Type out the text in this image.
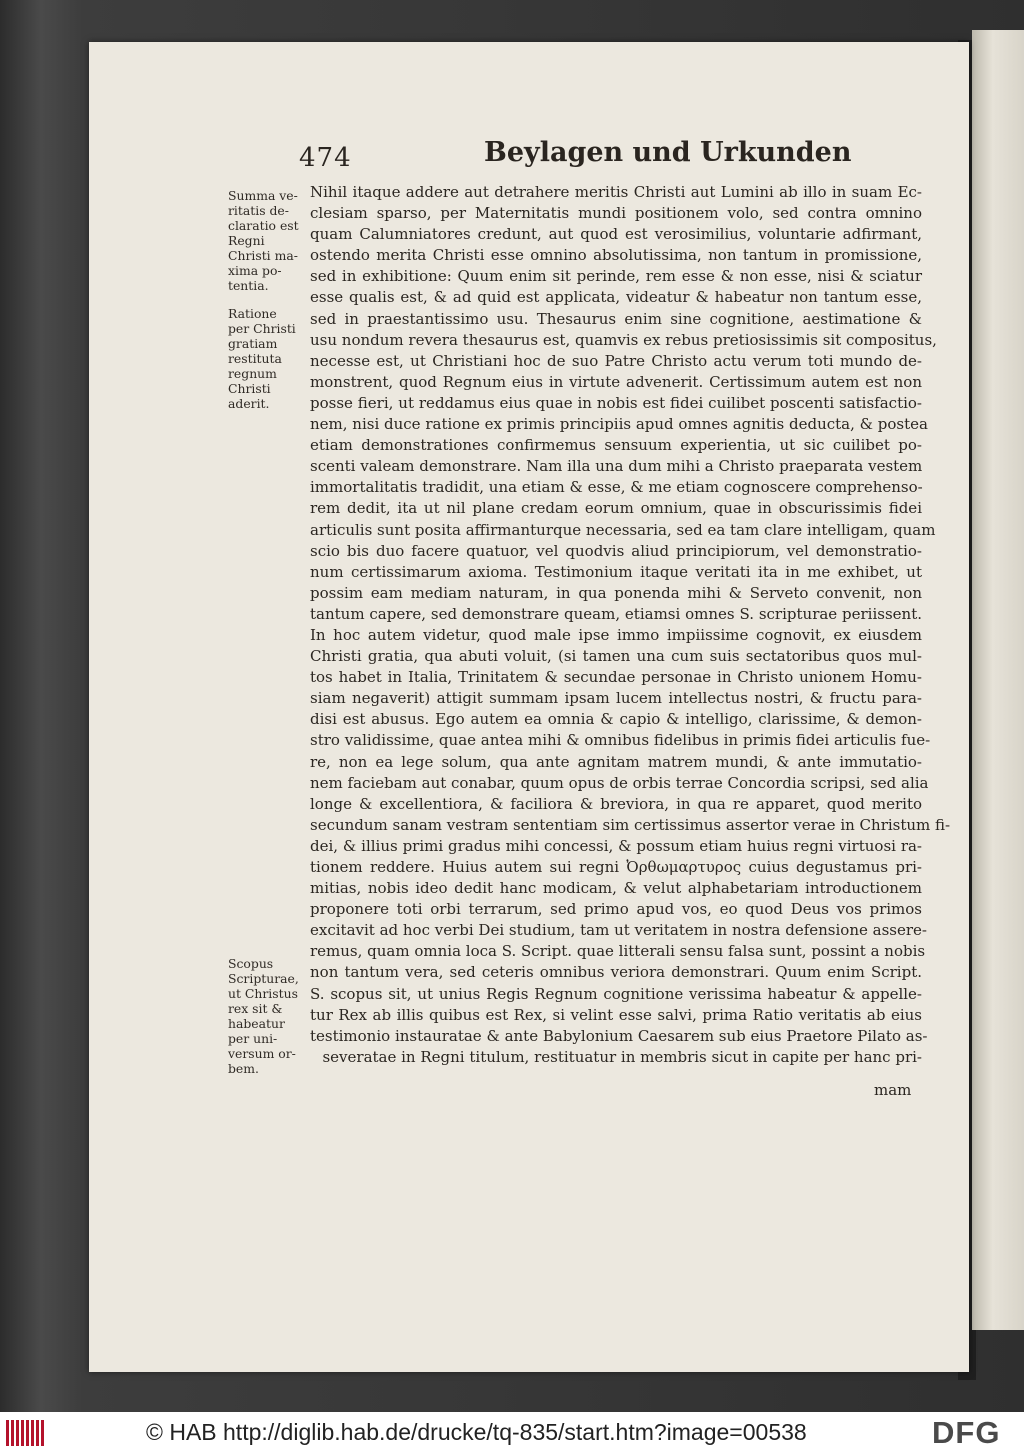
474	Beylagen und Urkunden
Summa ve-
ritatis de-
claratio est
Regni
Christi ma-
xima po-
tentia.
Ratione
per Christi
gratiam
restituta
regnum
Christi
aderit.
Scopus
Scripturae,
ut Christus
rex sit &
habeatur
per uni-
versum or-
bem.
Nihil itaque addere aut detrahere meritis Christi aut Lumini ab illo in suam Ec-
clesiam sparso, per Maternitatis mundi positionem volo, sed contra omnino
quam Calumniatores credunt, aut quod est verosimilius, voluntarie adfirmant,
ostendo merita Christi esse omnino absolutissima, non tantum in promissione,
sed in exhibitione: Quum enim sit perinde, rem esse & non esse, nisi & sciatur
esse qualis est, & ad quid est applicata, videatur & habeatur non tantum esse,
sed in praestantissimo usu. Thesaurus enim sine cognitione, aestimatione &
usu nondum revera thesaurus est, quamvis ex rebus pretiosissimis sit compositus,
necesse est, ut Christiani hoc de suo Patre Christo actu verum toti mundo de-
monstrent, quod Regnum eius in virtute advenerit. Certissimum autem est non
posse fieri, ut reddamus eius quae in nobis est fidei cuilibet poscenti satisfactio-
nem, nisi duce ratione ex primis principiis apud omnes agnitis deducta, & postea
etiam demonstrationes confirmemus sensuum experientia, ut sic cuilibet po-
scenti valeam demonstrare. Nam illa una dum mihi a Christo praeparata vestem
immortalitatis tradidit, una etiam & esse, & me etiam cognoscere comprehenso-
rem dedit, ita ut nil plane credam eorum omnium, quae in obscurissimis fidei
articulis sunt posita affirmanturque necessaria, sed ea tam clare intelligam, quam
scio bis duo facere quatuor, vel quodvis aliud principiorum, vel demonstratio-
num certissimarum axioma. Testimonium itaque veritati ita in me exhibet, ut
possim eam mediam naturam, in qua ponenda mihi & Serveto convenit, non
tantum capere, sed demonstrare queam, etiamsi omnes S. scripturae periissent.
In hoc autem videtur, quod male ipse immo impiissime cognovit, ex eiusdem
Christi gratia, qua abuti voluit, (si tamen una cum suis sectatoribus quos mul-
tos habet in Italia, Trinitatem & secundae personae in Christo unionem Homu-
siam negaverit) attigit summam ipsam lucem intellectus nostri, & fructu para-
disi est abusus. Ego autem ea omnia & capio & intelligo, clarissime, & demon-
stro validissime, quae antea mihi & omnibus fidelibus in primis fidei articulis fue-
re, non ea lege solum, qua ante agnitam matrem mundi, & ante immutatio-
nem faciebam aut conabar, quum opus de orbis terrae Concordia scripsi, sed alia
longe & excellentiora, & faciliora & breviora, in qua re apparet, quod merito
secundum sanam vestram sententiam sim certissimus assertor verae in Christum fi-
dei, & illius primi gradus mihi concessi, & possum etiam huius regni virtuosi ra-
tionem reddere. Huius autem sui regni Ὀρθωμαρτυρος cuius degustamus pri-
mitias, nobis ideo dedit hanc modicam, & velut alphabetariam introductionem
proponere toti orbi terrarum, sed primo apud vos, eo quod Deus vos primos
excitavit ad hoc verbi Dei studium, tam ut veritatem in nostra defensione assere-
remus, quam omnia loca S. Script. quae litterali sensu falsa sunt, possint a nobis
non tantum vera, sed ceteris omnibus veriora demonstrari. Quum enim Script.
S. scopus sit, ut unius Regis Regnum cognitione verissima habeatur & appelle-
tur Rex ab illis quibus est Rex, si velint esse salvi, prima Ratio veritatis ab eius
testimonio instauratae & ante Babylonium Caesarem sub eius Praetore Pilato as-
severatae in Regni titulum, restituatur in membris sicut in capite per hanc pri-
mam
© HAB http://diglib.hab.de/drucke/tq-835/start.htm?image=00538	DFG
